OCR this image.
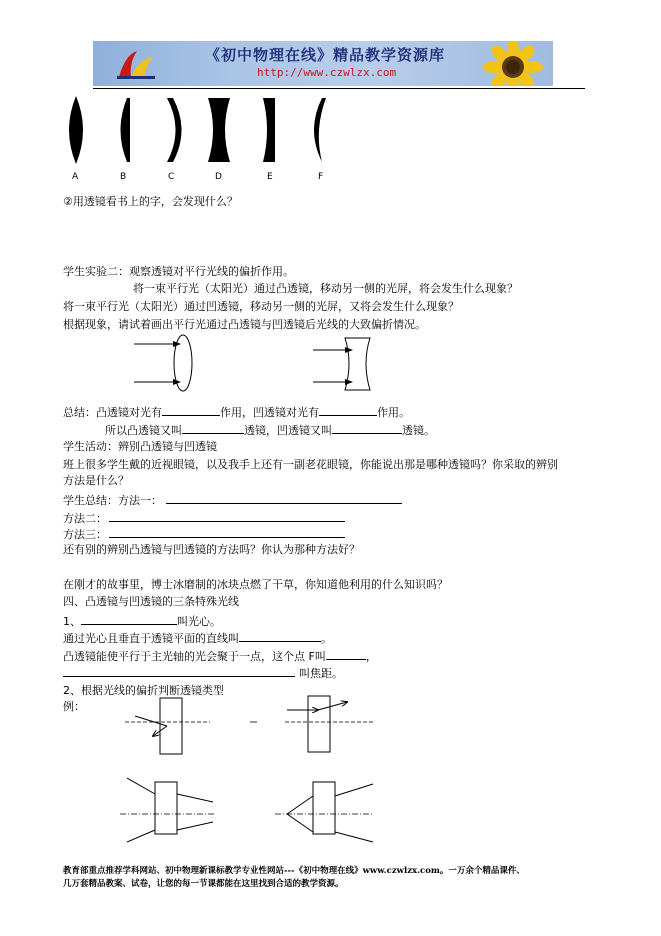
《初中物理在线》精品教学资源库
http://www.czwlzx.com
A	B	C	D	E	F
②用透镜看书上的字，会发现什么？
学生实验二：观察透镜对平行光线的偏折作用。
将一束平行光（太阳光）通过凸透镜，移动另一侧的光屏，将会发生什么现象？
将一束平行光（太阳光）通过凹透镜，移动另一侧的光屏，又将会发生什么现象？
根据现象，请试着画出平行光通过凸透镜与凹透镜后光线的大致偏折情况。
总结：凸透镜对光有	作用，凹透镜对光有	作用。
所以凸透镜又叫	透镜，凹透镜又叫	透镜。
学生活动：辨别凸透镜与凹透镜
班上很多学生戴的近视眼镜，以及我手上还有一副老花眼镜，你能说出那是哪种透镜吗？你采取的辨别
方法是什么？
学生总结：方法一：
方法二：
方法三：
还有别的辨别凸透镜与凹透镜的方法吗？你认为那种方法好？
在刚才的故事里，博士冰磨制的冰块点燃了干草，你知道他利用的什么知识吗？
四、凸透镜与凹透镜的三条特殊光线
1、	叫光心。
通过光心且垂直于透镜平面的直线叫	。
凸透镜能使平行于主光轴的光会聚于一点，这个点 F叫	，
叫焦距。
2、根据光线的偏折判断透镜类型
例：
教育部重点推荐学科网站、初中物理新课标教学专业性网站---《初中物理在线》www.czwlzx.com。一万余个精品课件、
几万套精品教案、试卷，让您的每一节课都能在这里找到合适的教学资源。
